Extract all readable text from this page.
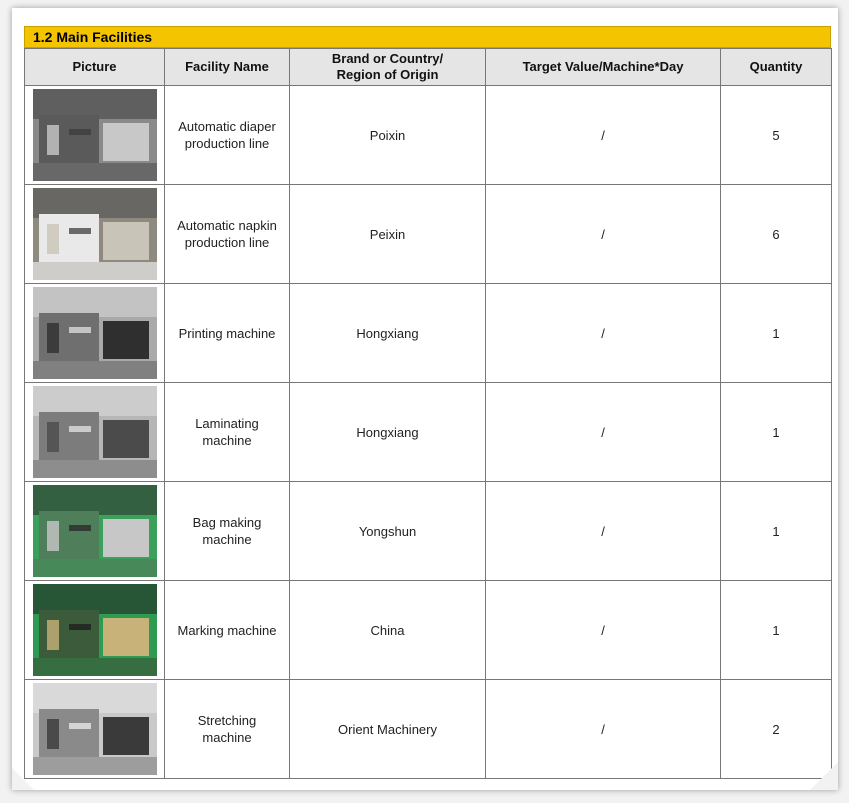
1.2 Main Facilities
Picture	Facility Name	Brand or Country/
Region of Origin	Target Value/Machine*Day	Quantity

Automatic diaper
production line	Poixin	/	5

Automatic napkin
production line	Peixin	/	6

Printing machine	Hongxiang	/	1

Laminating
machine	Hongxiang	/	1

Bag making
machine	Yongshun	/	1

Marking machine	China	/	1

Stretching
machine	Orient Machinery	/	2
